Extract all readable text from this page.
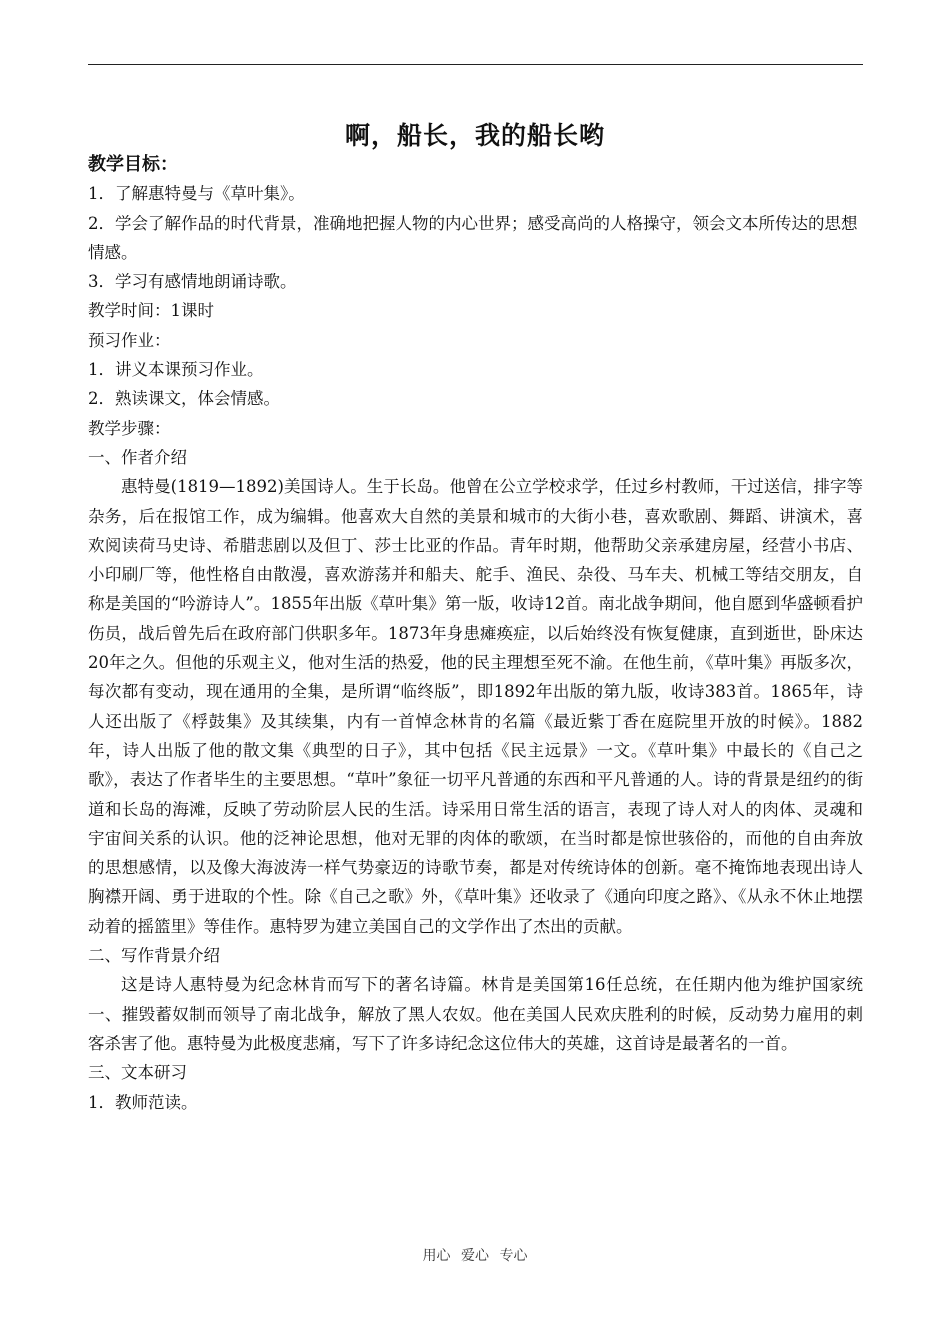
啊，船长，我的船长哟

教学目标：

1．了解惠特曼与《草叶集》。

2．学会了解作品的时代背景，准确地把握人物的内心世界；感受高尚的人格操守，领会文本所传达的思想情感。

3．学习有感情地朗诵诗歌。

教学时间：1课时

预习作业：

1．讲义本课预习作业。

2．熟读课文，体会情感。

教学步骤：

一、作者介绍

惠特曼(1819—1892)美国诗人。生于长岛。他曾在公立学校求学，任过乡村教师，干过送信，排字等杂务，后在报馆工作，成为编辑。他喜欢大自然的美景和城市的大街小巷，喜欢歌剧、舞蹈、讲演术，喜欢阅读荷马史诗、希腊悲剧以及但丁、莎士比亚的作品。青年时期，他帮助父亲承建房屋，经营小书店、小印刷厂等，他性格自由散漫，喜欢游荡并和船夫、舵手、渔民、杂役、马车夫、机械工等结交朋友，自称是美国的“吟游诗人”。1855年出版《草叶集》第一版，收诗12首。南北战争期间，他自愿到华盛顿看护伤员，战后曾先后在政府部门供职多年。1873年身患瘫痪症，以后始终没有恢复健康，直到逝世，卧床达20年之久。但他的乐观主义，他对生活的热爱，他的民主理想至死不渝。在他生前，《草叶集》再版多次，每次都有变动，现在通用的全集，是所谓“临终版”，即1892年出版的第九版，收诗383首。1865年，诗人还出版了《桴鼓集》及其续集，内有一首悼念林肯的名篇《最近紫丁香在庭院里开放的时候》。1882年，诗人出版了他的散文集《典型的日子》，其中包括《民主远景》一文。《草叶集》中最长的《自己之歌》，表达了作者毕生的主要思想。“草叶”象征一切平凡普通的东西和平凡普通的人。诗的背景是纽约的街道和长岛的海滩，反映了劳动阶层人民的生活。诗采用日常生活的语言，表现了诗人对人的肉体、灵魂和宇宙间关系的认识。他的泛神论思想，他对无罪的肉体的歌颂，在当时都是惊世骇俗的，而他的自由奔放的思想感情，以及像大海波涛一样气势豪迈的诗歌节奏，都是对传统诗体的创新。毫不掩饰地表现出诗人胸襟开阔、勇于进取的个性。除《自己之歌》外，《草叶集》还收录了《通向印度之路》、《从永不休止地摆动着的摇篮里》等佳作。惠特罗为建立美国自己的文学作出了杰出的贡献。

二、写作背景介绍

这是诗人惠特曼为纪念林肯而写下的著名诗篇。林肯是美国第16任总统，在任期内他为维护国家统一、摧毁蓄奴制而领导了南北战争，解放了黑人农奴。他在美国人民欢庆胜利的时候，反动势力雇用的刺客杀害了他。惠特曼为此极度悲痛，写下了许多诗纪念这位伟大的英雄，这首诗是最著名的一首。

三、文本研习

1．教师范读。

用心 爱心 专心
